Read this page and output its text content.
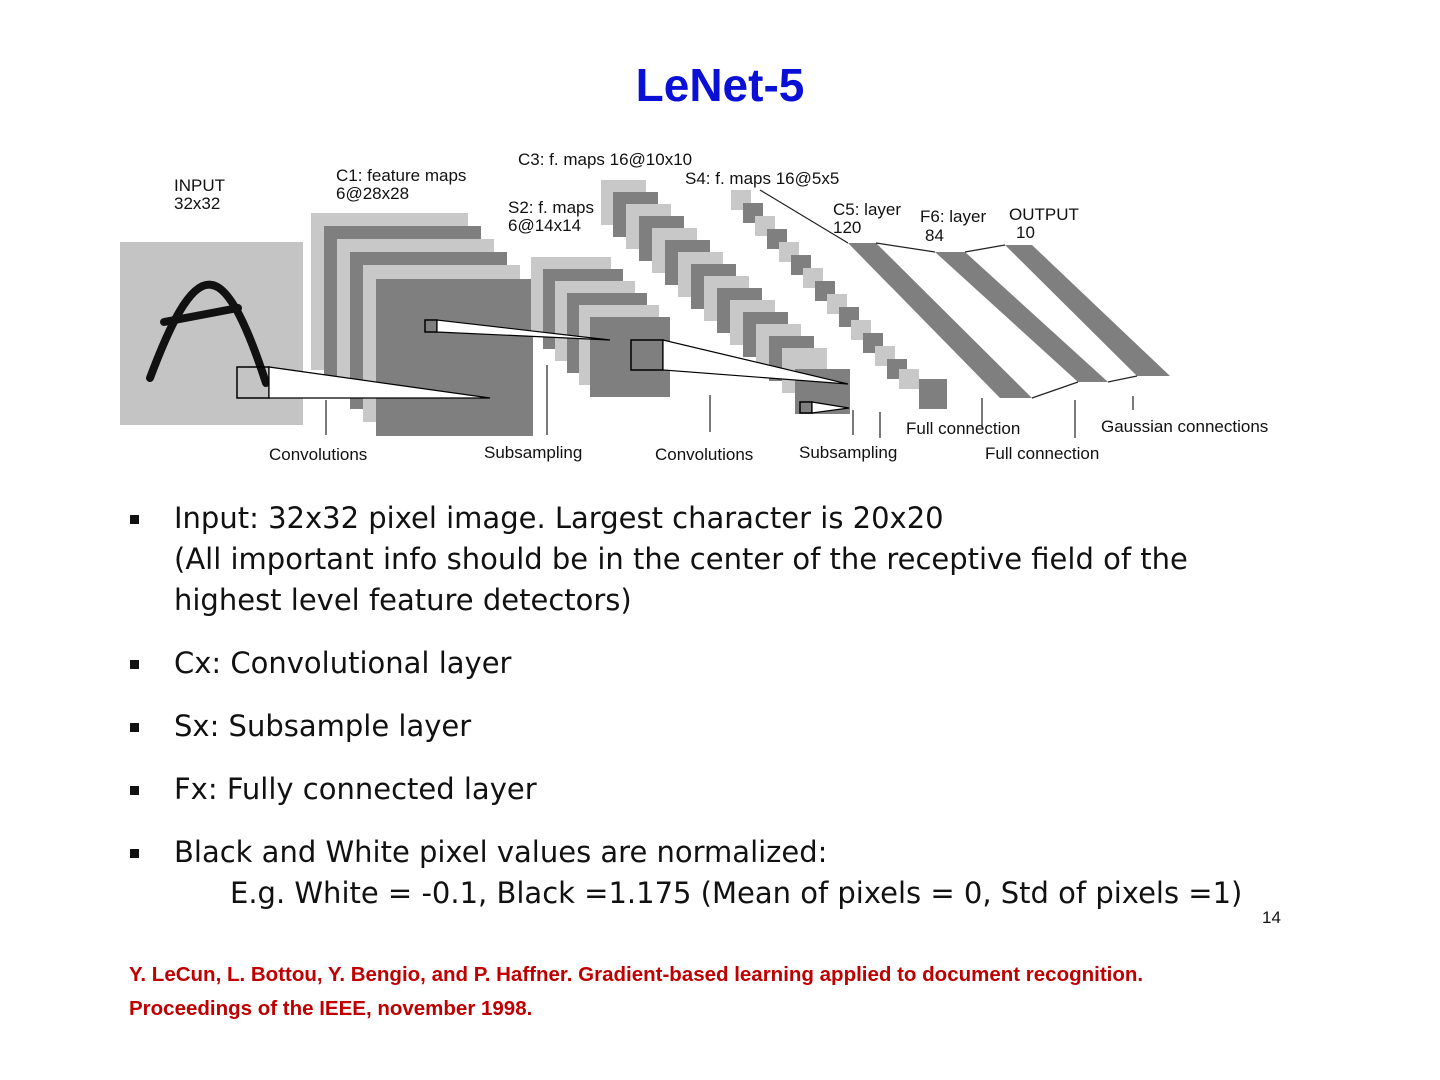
LeNet-5
INPUT
32x32
C1: feature maps
6@28x28
S2: f. maps
6@14x14
C3: f. maps 16@10x10
S4: f. maps 16@5x5
C5: layer
120
F6: layer
84
OUTPUT
10
Convolutions	Subsampling	Convolutions	Subsampling
Full connection
Full connection
Gaussian connections
Input: 32x32 pixel image. Largest character is 20x20
(All important info should be in the center of the receptive field of the
highest level feature detectors)
Cx: Convolutional layer
Sx: Subsample layer
Fx: Fully connected layer
Black and White pixel values are normalized:
E.g. White = -0.1, Black =1.175 (Mean of pixels = 0, Std of pixels =1)

14

Y. LeCun, L. Bottou, Y. Bengio, and P. Haffner. Gradient-based learning applied to document recognition.
Proceedings of the IEEE, november 1998.
